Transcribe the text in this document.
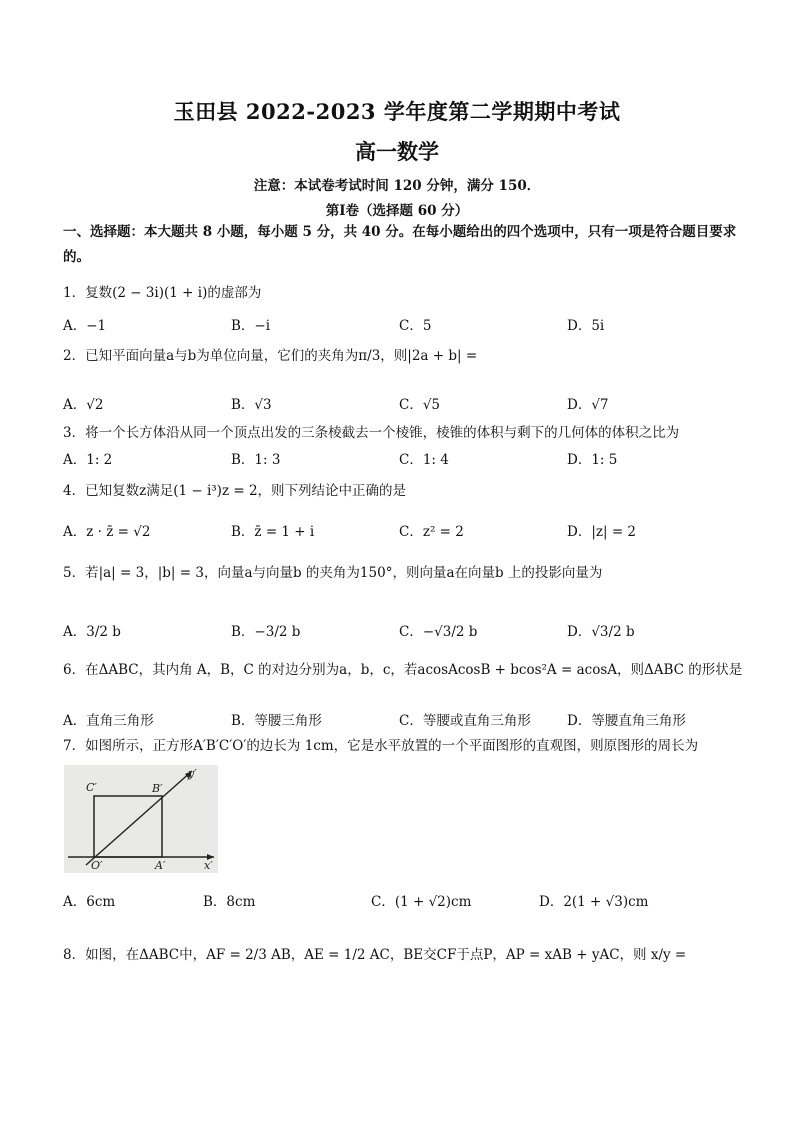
玉田县 2022-2023 学年度第二学期期中考试
高一数学
注意：本试卷考试时间 120 分钟，满分 150．
第Ⅰ卷（选择题 60 分）
一、选择题：本大题共 8 小题，每小题 5 分，共 40 分。在每小题给出的四个选项中，只有一项是符合题目要求的。
1．复数(2 − 3i)(1 + i)的虚部为
A．−1	B．−i	C．5	D．5i
2．已知平面向量a与b为单位向量，它们的夹角为π/3，则|2a + b| =
A．√2	B．√3	C．√5	D．√7
3．将一个长方体沿从同一个顶点出发的三条棱截去一个棱锥，棱锥的体积与剩下的几何体的体积之比为
A．1: 2	B．1: 3	C．1: 4	D．1: 5
4．已知复数z满足(1 − i³)z = 2，则下列结论中正确的是
A．z · z̄ = √2	B．z̄ = 1 + i	C．z² = 2	D．|z| = 2
5．若|a| = 3，|b| = 3，向量a与向量b 的夹角为150°，则向量a在向量b 上的投影向量为
A．3/2 b	B．−3/2 b	C．−√3/2 b	D．√3/2 b
6．在ΔABC，其内角 A，B，C 的对边分别为a，b，c，若acosAcosB + bcos²A = acosA，则ΔABC 的形状是
A．直角三角形	B．等腰三角形	C．等腰或直角三角形	D．等腰直角三角形
7．如图所示，正方形A′B′C′O′的边长为 1cm，它是水平放置的一个平面图形的直观图，则原图形的周长为
C′	B′
O′	A′	x′
y′
A．6cm	B．8cm	C．(1 + √2)cm	D．2(1 + √3)cm
8．如图，在ΔABC中，AF = 2/3 AB，AE = 1/2 AC，BE交CF于点P，AP = xAB + yAC，则 x/y =
